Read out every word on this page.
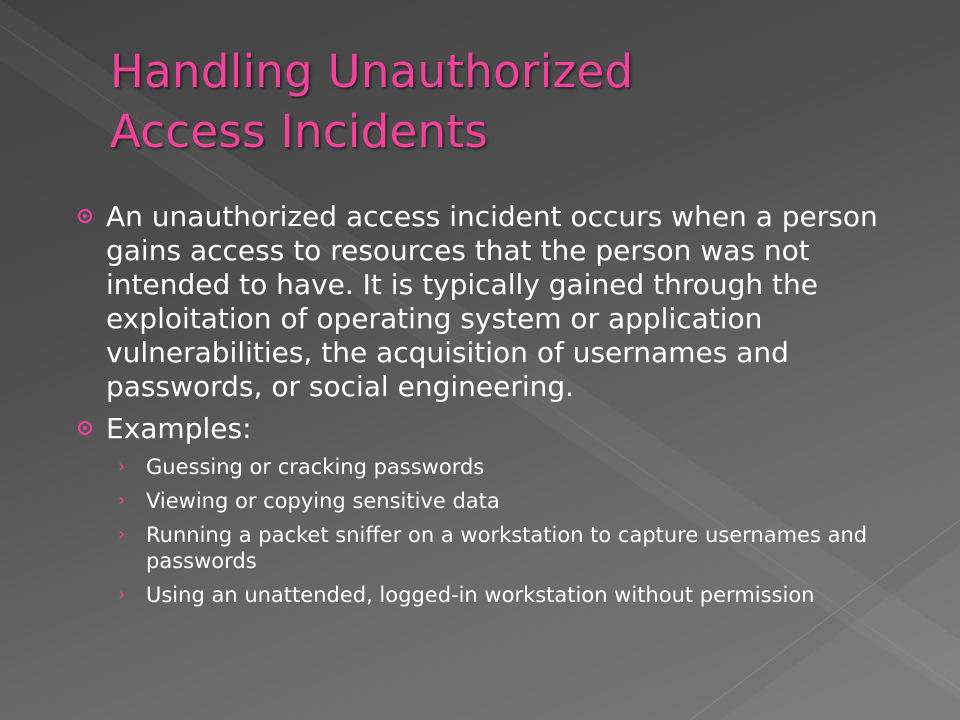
Handling Unauthorized
Access Incidents
An unauthorized access incident occurs when a person gains access to resources that the person was not intended to have. It is typically gained through the exploitation of operating system or application vulnerabilities, the acquisition of usernames and passwords, or social engineering.
Examples:
› Guessing or cracking passwords
› Viewing or copying sensitive data
› Running a packet sniffer on a workstation to capture usernames and passwords
› Using an unattended, logged-in workstation without permission
